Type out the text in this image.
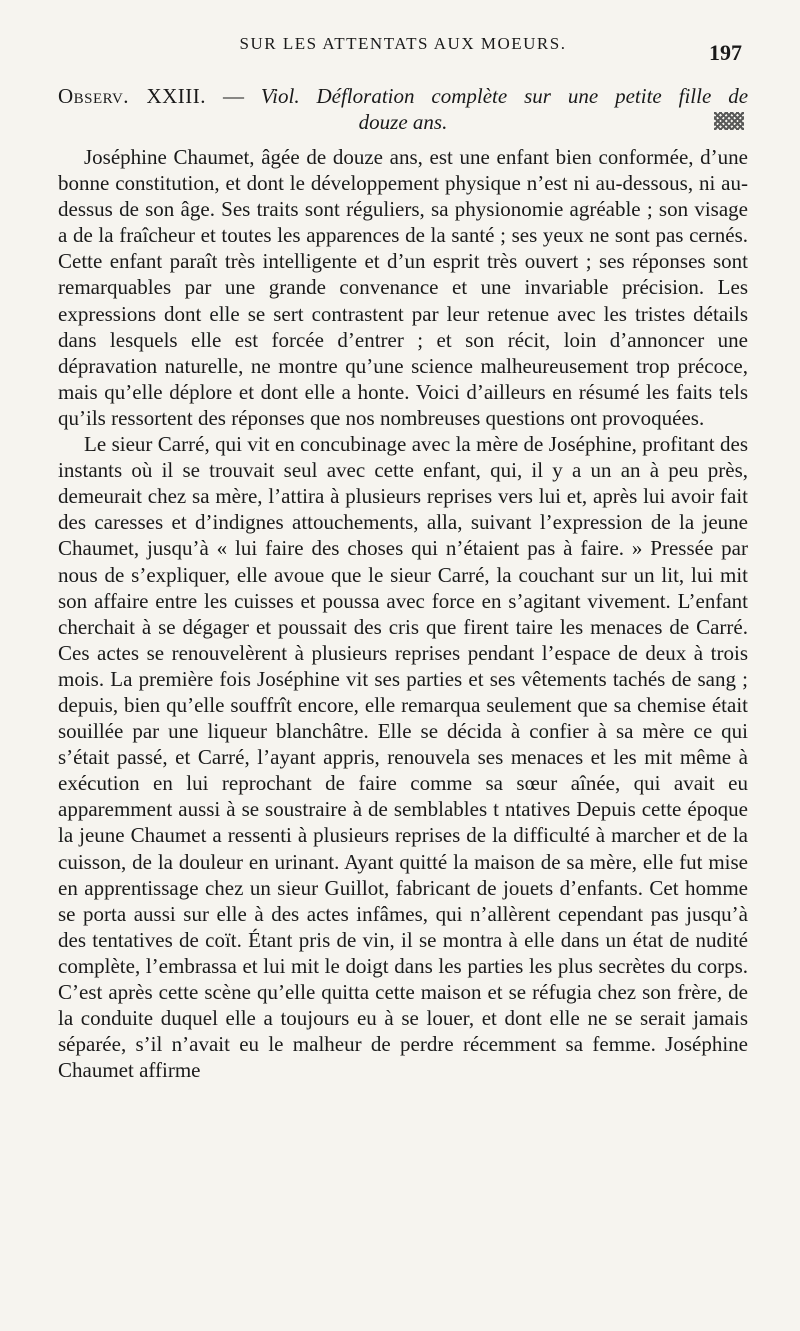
SUR LES ATTENTATS AUX MOEURS.	197
Observ. XXIII. — Viol. Défloration complète sur une petite fille de
douze ans.

Joséphine Chaumet, âgée de douze ans, est une enfant bien conformée, d’une bonne constitution, et dont le développement physique n’est ni au-dessous, ni au-dessus de son âge. Ses traits sont réguliers, sa physionomie agréable ; son visage a de la fraîcheur et toutes les apparences de la santé ; ses yeux ne sont pas cernés. Cette enfant paraît très intelligente et d’un esprit très ouvert ; ses réponses sont remarquables par une grande convenance et une invariable précision. Les expressions dont elle se sert contrastent par leur retenue avec les tristes détails dans lesquels elle est forcée d’entrer ; et son récit, loin d’annoncer une dépravation naturelle, ne montre qu’une science malheureusement trop précoce, mais qu’elle déplore et dont elle a honte. Voici d’ailleurs en résumé les faits tels qu’ils ressortent des réponses que nos nombreuses questions ont provoquées.

Le sieur Carré, qui vit en concubinage avec la mère de Joséphine, profitant des instants où il se trouvait seul avec cette enfant, qui, il y a un an à peu près, demeurait chez sa mère, l’attira à plusieurs reprises vers lui et, après lui avoir fait des caresses et d’indignes attouchements, alla, suivant l’expression de la jeune Chaumet, jusqu’à « lui faire des choses qui n’étaient pas à faire. » Pressée par nous de s’expliquer, elle avoue que le sieur Carré, la couchant sur un lit, lui mit son affaire entre les cuisses et poussa avec force en s’agitant vivement. L’enfant cherchait à se dégager et poussait des cris que firent taire les menaces de Carré. Ces actes se renouvelèrent à plusieurs reprises pendant l’espace de deux à trois mois. La première fois Joséphine vit ses parties et ses vêtements tachés de sang ; depuis, bien qu’elle souffrît encore, elle remarqua seulement que sa chemise était souillée par une liqueur blanchâtre. Elle se décida à confier à sa mère ce qui s’était passé, et Carré, l’ayant appris, renouvela ses menaces et les mit même à exécution en lui reprochant de faire comme sa sœur aînée, qui avait eu apparemment aussi à se soustraire à de semblables t ntatives Depuis cette époque la jeune Chaumet a ressenti à plusieurs reprises de la difficulté à marcher et de la cuisson, de la douleur en urinant. Ayant quitté la maison de sa mère, elle fut mise en apprentissage chez un sieur Guillot, fabricant de jouets d’enfants. Cet homme se porta aussi sur elle à des actes infâmes, qui n’allèrent cependant pas jusqu’à des tentatives de coït. Étant pris de vin, il se montra à elle dans un état de nudité complète, l’embrassa et lui mit le doigt dans les parties les plus secrètes du corps. C’est après cette scène qu’elle quitta cette maison et se réfugia chez son frère, de la conduite duquel elle a toujours eu à se louer, et dont elle ne se serait jamais séparée, s’il n’avait eu le malheur de perdre récemment sa femme. Joséphine Chaumet affirme
